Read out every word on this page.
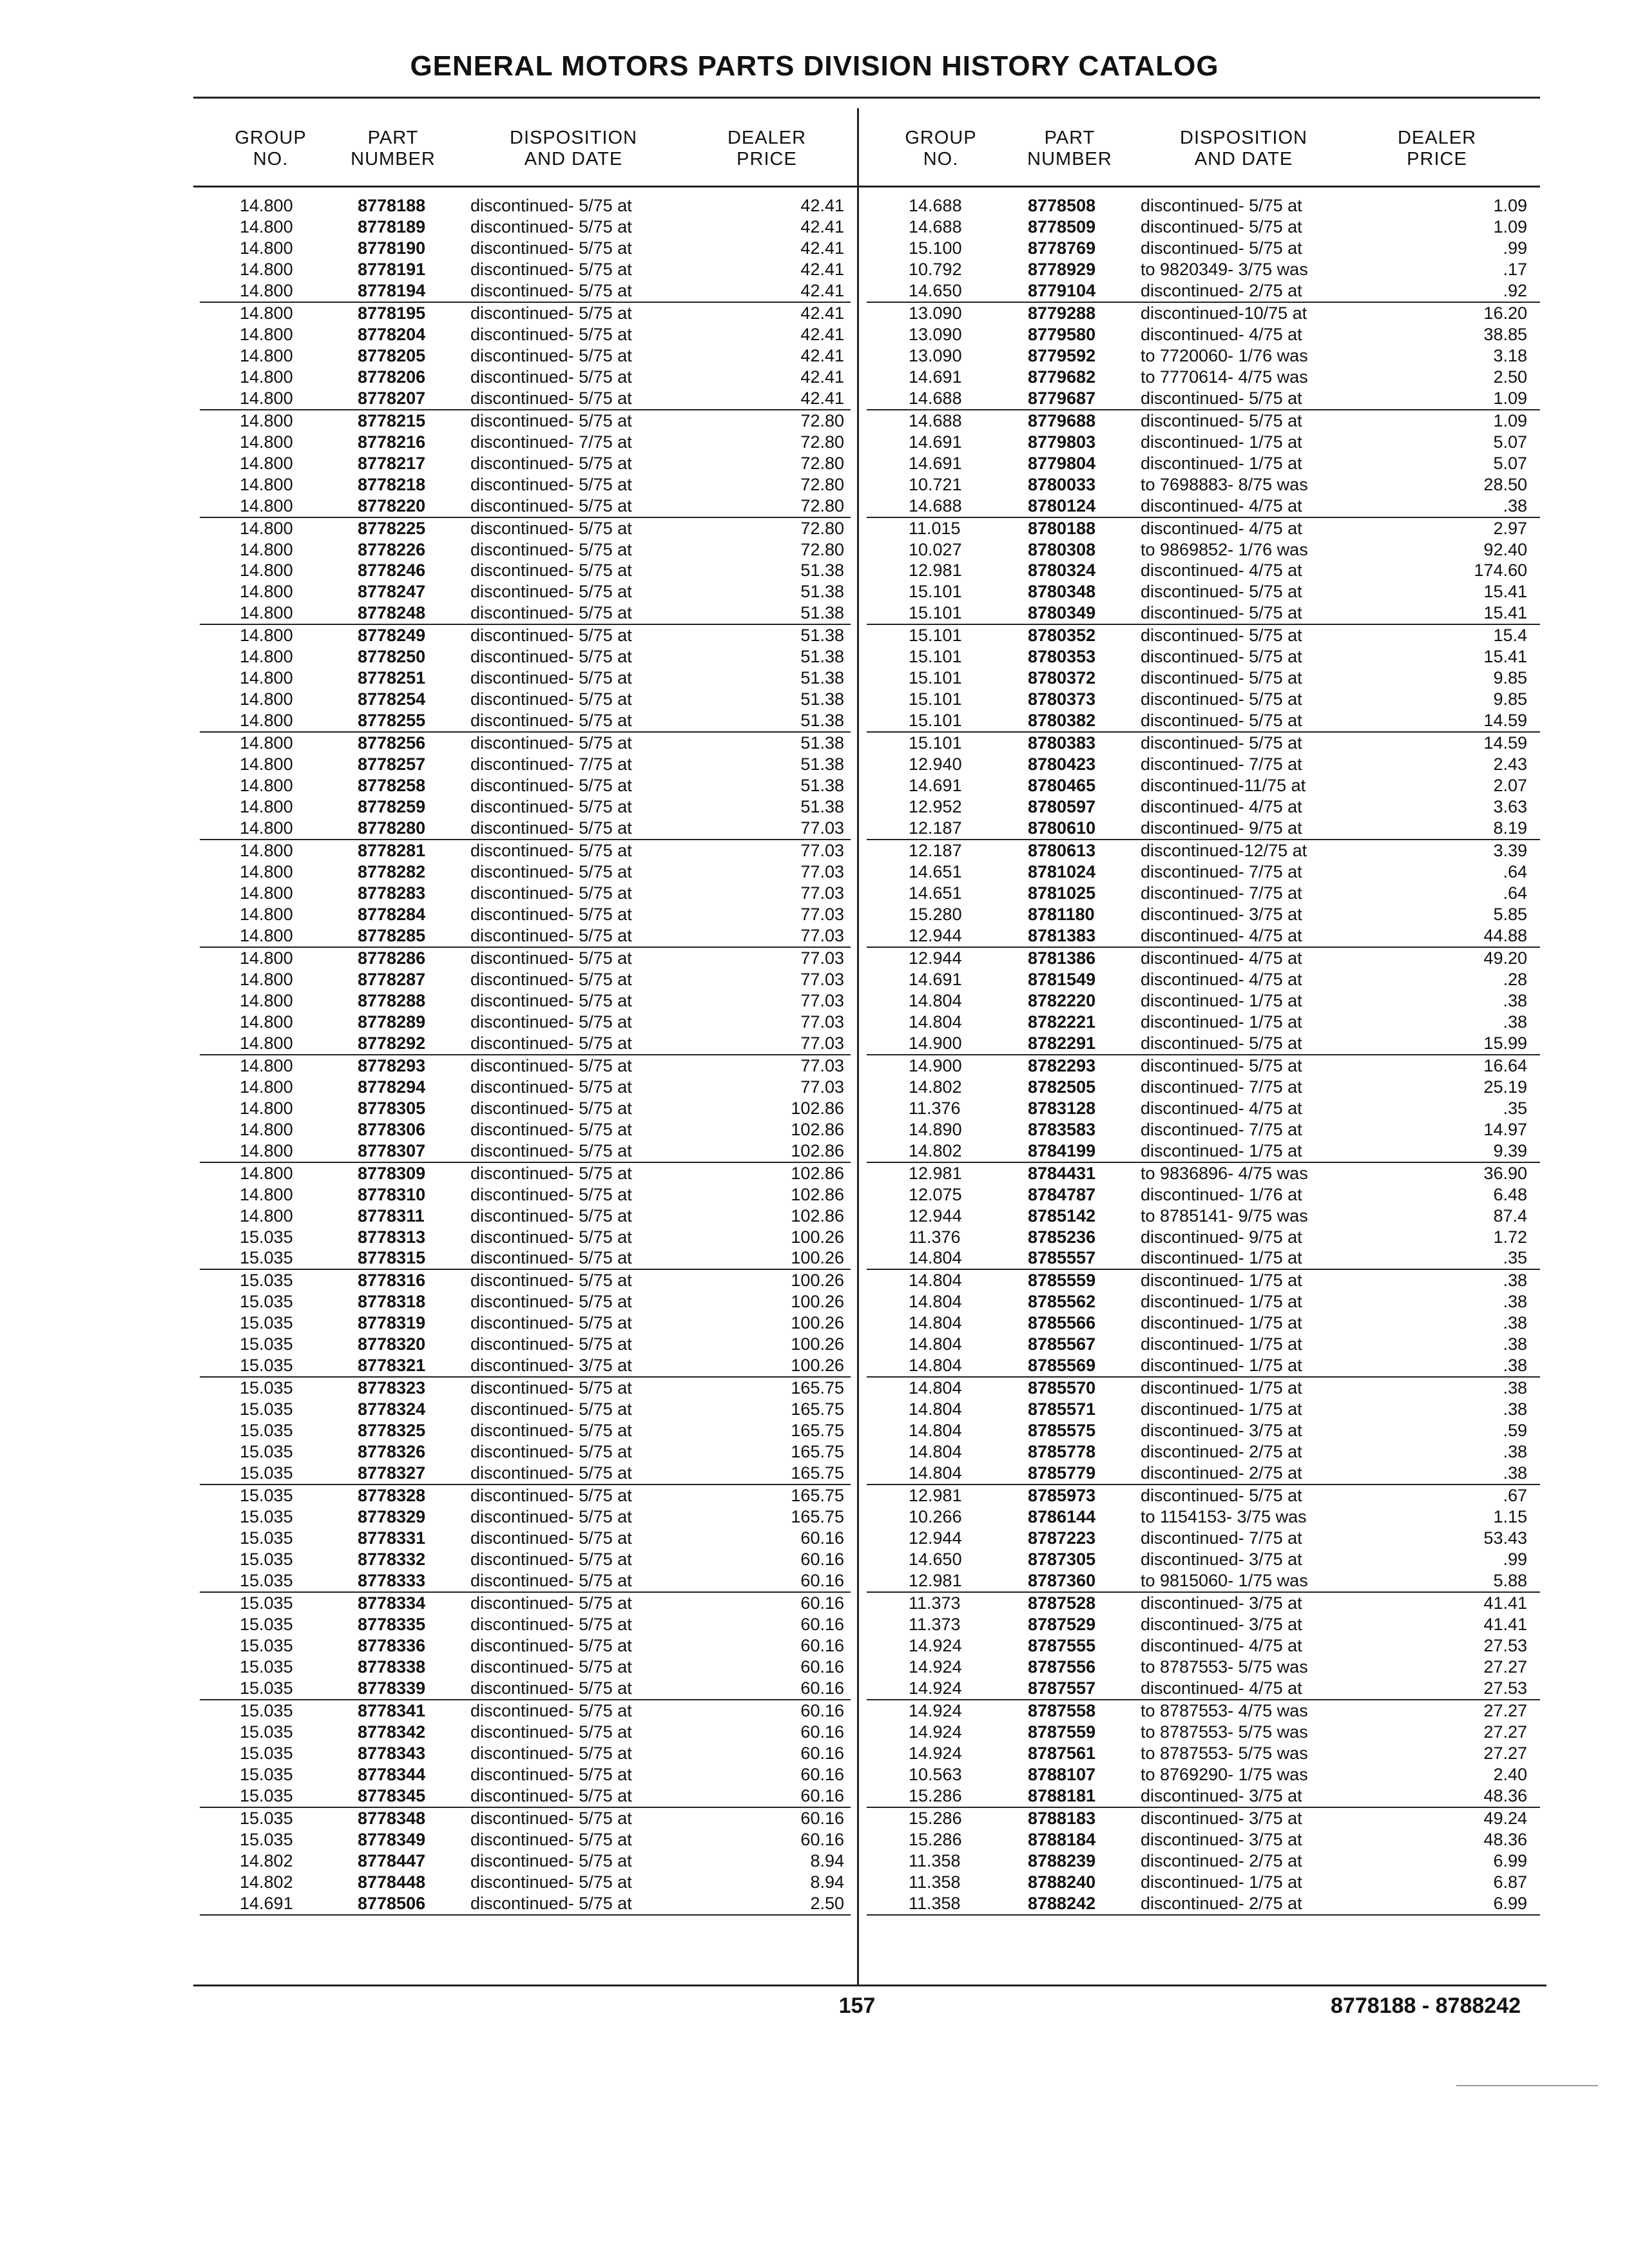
GENERAL MOTORS PARTS DIVISION HISTORY CATALOG
GROUP
NO.
PART
NUMBER
DISPOSITION
AND DATE
DEALER
PRICE
GROUP
NO.
PART
NUMBER
DISPOSITION
AND DATE
DEALER
PRICE
14.800	8778188	discontinued- 5/75 at	42.41
14.800	8778189	discontinued- 5/75 at	42.41
14.800	8778190	discontinued- 5/75 at	42.41
14.800	8778191	discontinued- 5/75 at	42.41
14.800	8778194	discontinued- 5/75 at	42.41
14.800	8778195	discontinued- 5/75 at	42.41
14.800	8778204	discontinued- 5/75 at	42.41
14.800	8778205	discontinued- 5/75 at	42.41
14.800	8778206	discontinued- 5/75 at	42.41
14.800	8778207	discontinued- 5/75 at	42.41
14.800	8778215	discontinued- 5/75 at	72.80
14.800	8778216	discontinued- 7/75 at	72.80
14.800	8778217	discontinued- 5/75 at	72.80
14.800	8778218	discontinued- 5/75 at	72.80
14.800	8778220	discontinued- 5/75 at	72.80
14.800	8778225	discontinued- 5/75 at	72.80
14.800	8778226	discontinued- 5/75 at	72.80
14.800	8778246	discontinued- 5/75 at	51.38
14.800	8778247	discontinued- 5/75 at	51.38
14.800	8778248	discontinued- 5/75 at	51.38
14.800	8778249	discontinued- 5/75 at	51.38
14.800	8778250	discontinued- 5/75 at	51.38
14.800	8778251	discontinued- 5/75 at	51.38
14.800	8778254	discontinued- 5/75 at	51.38
14.800	8778255	discontinued- 5/75 at	51.38
14.800	8778256	discontinued- 5/75 at	51.38
14.800	8778257	discontinued- 7/75 at	51.38
14.800	8778258	discontinued- 5/75 at	51.38
14.800	8778259	discontinued- 5/75 at	51.38
14.800	8778280	discontinued- 5/75 at	77.03
14.800	8778281	discontinued- 5/75 at	77.03
14.800	8778282	discontinued- 5/75 at	77.03
14.800	8778283	discontinued- 5/75 at	77.03
14.800	8778284	discontinued- 5/75 at	77.03
14.800	8778285	discontinued- 5/75 at	77.03
14.800	8778286	discontinued- 5/75 at	77.03
14.800	8778287	discontinued- 5/75 at	77.03
14.800	8778288	discontinued- 5/75 at	77.03
14.800	8778289	discontinued- 5/75 at	77.03
14.800	8778292	discontinued- 5/75 at	77.03
14.800	8778293	discontinued- 5/75 at	77.03
14.800	8778294	discontinued- 5/75 at	77.03
14.800	8778305	discontinued- 5/75 at	102.86
14.800	8778306	discontinued- 5/75 at	102.86
14.800	8778307	discontinued- 5/75 at	102.86
14.800	8778309	discontinued- 5/75 at	102.86
14.800	8778310	discontinued- 5/75 at	102.86
14.800	8778311	discontinued- 5/75 at	102.86
15.035	8778313	discontinued- 5/75 at	100.26
15.035	8778315	discontinued- 5/75 at	100.26
15.035	8778316	discontinued- 5/75 at	100.26
15.035	8778318	discontinued- 5/75 at	100.26
15.035	8778319	discontinued- 5/75 at	100.26
15.035	8778320	discontinued- 5/75 at	100.26
15.035	8778321	discontinued- 3/75 at	100.26
15.035	8778323	discontinued- 5/75 at	165.75
15.035	8778324	discontinued- 5/75 at	165.75
15.035	8778325	discontinued- 5/75 at	165.75
15.035	8778326	discontinued- 5/75 at	165.75
15.035	8778327	discontinued- 5/75 at	165.75
15.035	8778328	discontinued- 5/75 at	165.75
15.035	8778329	discontinued- 5/75 at	165.75
15.035	8778331	discontinued- 5/75 at	60.16
15.035	8778332	discontinued- 5/75 at	60.16
15.035	8778333	discontinued- 5/75 at	60.16
15.035	8778334	discontinued- 5/75 at	60.16
15.035	8778335	discontinued- 5/75 at	60.16
15.035	8778336	discontinued- 5/75 at	60.16
15.035	8778338	discontinued- 5/75 at	60.16
15.035	8778339	discontinued- 5/75 at	60.16
15.035	8778341	discontinued- 5/75 at	60.16
15.035	8778342	discontinued- 5/75 at	60.16
15.035	8778343	discontinued- 5/75 at	60.16
15.035	8778344	discontinued- 5/75 at	60.16
15.035	8778345	discontinued- 5/75 at	60.16
15.035	8778348	discontinued- 5/75 at	60.16
15.035	8778349	discontinued- 5/75 at	60.16
14.802	8778447	discontinued- 5/75 at	8.94
14.802	8778448	discontinued- 5/75 at	8.94
14.691	8778506	discontinued- 5/75 at	2.50
14.688	8778508	discontinued- 5/75 at	1.09
14.688	8778509	discontinued- 5/75 at	1.09
15.100	8778769	discontinued- 5/75 at	.99
10.792	8778929	to 9820349- 3/75 was	.17
14.650	8779104	discontinued- 2/75 at	.92
13.090	8779288	discontinued-10/75 at	16.20
13.090	8779580	discontinued- 4/75 at	38.85
13.090	8779592	to 7720060- 1/76 was	3.18
14.691	8779682	to 7770614- 4/75 was	2.50
14.688	8779687	discontinued- 5/75 at	1.09
14.688	8779688	discontinued- 5/75 at	1.09
14.691	8779803	discontinued- 1/75 at	5.07
14.691	8779804	discontinued- 1/75 at	5.07
10.721	8780033	to 7698883- 8/75 was	28.50
14.688	8780124	discontinued- 4/75 at	.38
11.015	8780188	discontinued- 4/75 at	2.97
10.027	8780308	to 9869852- 1/76 was	92.40
12.981	8780324	discontinued- 4/75 at	174.60
15.101	8780348	discontinued- 5/75 at	15.41
15.101	8780349	discontinued- 5/75 at	15.41
15.101	8780352	discontinued- 5/75 at	15.4
15.101	8780353	discontinued- 5/75 at	15.41
15.101	8780372	discontinued- 5/75 at	9.85
15.101	8780373	discontinued- 5/75 at	9.85
15.101	8780382	discontinued- 5/75 at	14.59
15.101	8780383	discontinued- 5/75 at	14.59
12.940	8780423	discontinued- 7/75 at	2.43
14.691	8780465	discontinued-11/75 at	2.07
12.952	8780597	discontinued- 4/75 at	3.63
12.187	8780610	discontinued- 9/75 at	8.19
12.187	8780613	discontinued-12/75 at	3.39
14.651	8781024	discontinued- 7/75 at	.64
14.651	8781025	discontinued- 7/75 at	.64
15.280	8781180	discontinued- 3/75 at	5.85
12.944	8781383	discontinued- 4/75 at	44.88
12.944	8781386	discontinued- 4/75 at	49.20
14.691	8781549	discontinued- 4/75 at	.28
14.804	8782220	discontinued- 1/75 at	.38
14.804	8782221	discontinued- 1/75 at	.38
14.900	8782291	discontinued- 5/75 at	15.99
14.900	8782293	discontinued- 5/75 at	16.64
14.802	8782505	discontinued- 7/75 at	25.19
11.376	8783128	discontinued- 4/75 at	.35
14.890	8783583	discontinued- 7/75 at	14.97
14.802	8784199	discontinued- 1/75 at	9.39
12.981	8784431	to 9836896- 4/75 was	36.90
12.075	8784787	discontinued- 1/76 at	6.48
12.944	8785142	to 8785141- 9/75 was	87.4
11.376	8785236	discontinued- 9/75 at	1.72
14.804	8785557	discontinued- 1/75 at	.35
14.804	8785559	discontinued- 1/75 at	.38
14.804	8785562	discontinued- 1/75 at	.38
14.804	8785566	discontinued- 1/75 at	.38
14.804	8785567	discontinued- 1/75 at	.38
14.804	8785569	discontinued- 1/75 at	.38
14.804	8785570	discontinued- 1/75 at	.38
14.804	8785571	discontinued- 1/75 at	.38
14.804	8785575	discontinued- 3/75 at	.59
14.804	8785778	discontinued- 2/75 at	.38
14.804	8785779	discontinued- 2/75 at	.38
12.981	8785973	discontinued- 5/75 at	.67
10.266	8786144	to 1154153- 3/75 was	1.15
12.944	8787223	discontinued- 7/75 at	53.43
14.650	8787305	discontinued- 3/75 at	.99
12.981	8787360	to 9815060- 1/75 was	5.88
11.373	8787528	discontinued- 3/75 at	41.41
11.373	8787529	discontinued- 3/75 at	41.41
14.924	8787555	discontinued- 4/75 at	27.53
14.924	8787556	to 8787553- 5/75 was	27.27
14.924	8787557	discontinued- 4/75 at	27.53
14.924	8787558	to 8787553- 4/75 was	27.27
14.924	8787559	to 8787553- 5/75 was	27.27
14.924	8787561	to 8787553- 5/75 was	27.27
10.563	8788107	to 8769290- 1/75 was	2.40
15.286	8788181	discontinued- 3/75 at	48.36
15.286	8788183	discontinued- 3/75 at	49.24
15.286	8788184	discontinued- 3/75 at	48.36
11.358	8788239	discontinued- 2/75 at	6.99
11.358	8788240	discontinued- 1/75 at	6.87
11.358	8788242	discontinued- 2/75 at	6.99
157	8778188 - 8788242
